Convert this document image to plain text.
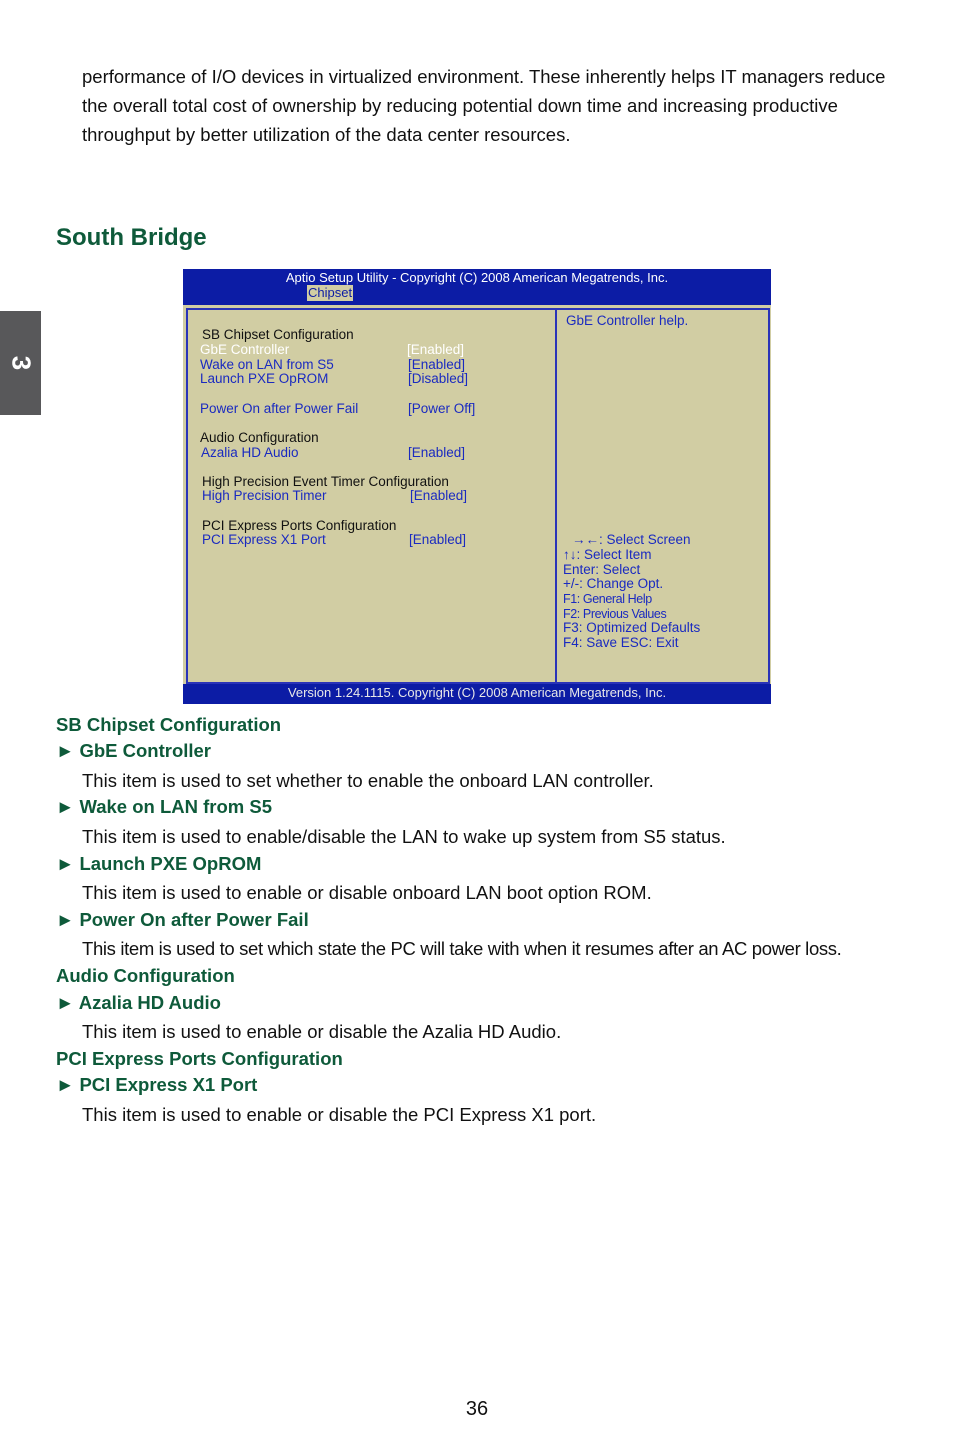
performance of I/O devices in virtualized environment. These inherently helps IT managers reduce the overall total cost of ownership by reducing potential down time and increasing productive throughput by better utilization of the data center resources.

3
South Bridge
Aptio Setup Utility - Copyright (C) 2008 American Megatrends, Inc.
Chipset
SB Chipset Configuration
GbE Controller	[Enabled]
Wake on LAN from S5	[Enabled]
Launch PXE OpROM	[Disabled]
Power On after Power Fail	[Power Off]
Audio Configuration
Azalia HD Audio	[Enabled]
High Precision Event Timer Configuration
High Precision Timer	[Enabled]
PCI Express Ports Configuration
PCI Express X1 Port	[Enabled]
GbE Controller help.
→←: Select Screen
↑↓: Select Item
Enter: Select
+/-: Change Opt.
F1: General Help
F2: Previous Values
F3: Optimized Defaults
F4: Save ESC: Exit
Version 1.24.1115. Copyright (C) 2008 American Megatrends, Inc.
SB Chipset Configuration
► GbE Controller
This item is used to set whether to enable the onboard LAN controller.
► Wake on LAN from S5
This item is used to enable/disable the LAN to wake up system from S5 status.
► Launch PXE OpROM
This item is used to enable or disable onboard LAN boot option ROM.
► Power On after Power Fail
This item is used to set which state the PC will take with when it resumes after an AC power loss.
Audio Configuration
► Azalia HD Audio
This item is used to enable or disable the Azalia HD Audio.
PCI Express Ports Configuration
► PCI Express X1 Port
This item is used to enable or disable the PCI Express X1 port.
36
